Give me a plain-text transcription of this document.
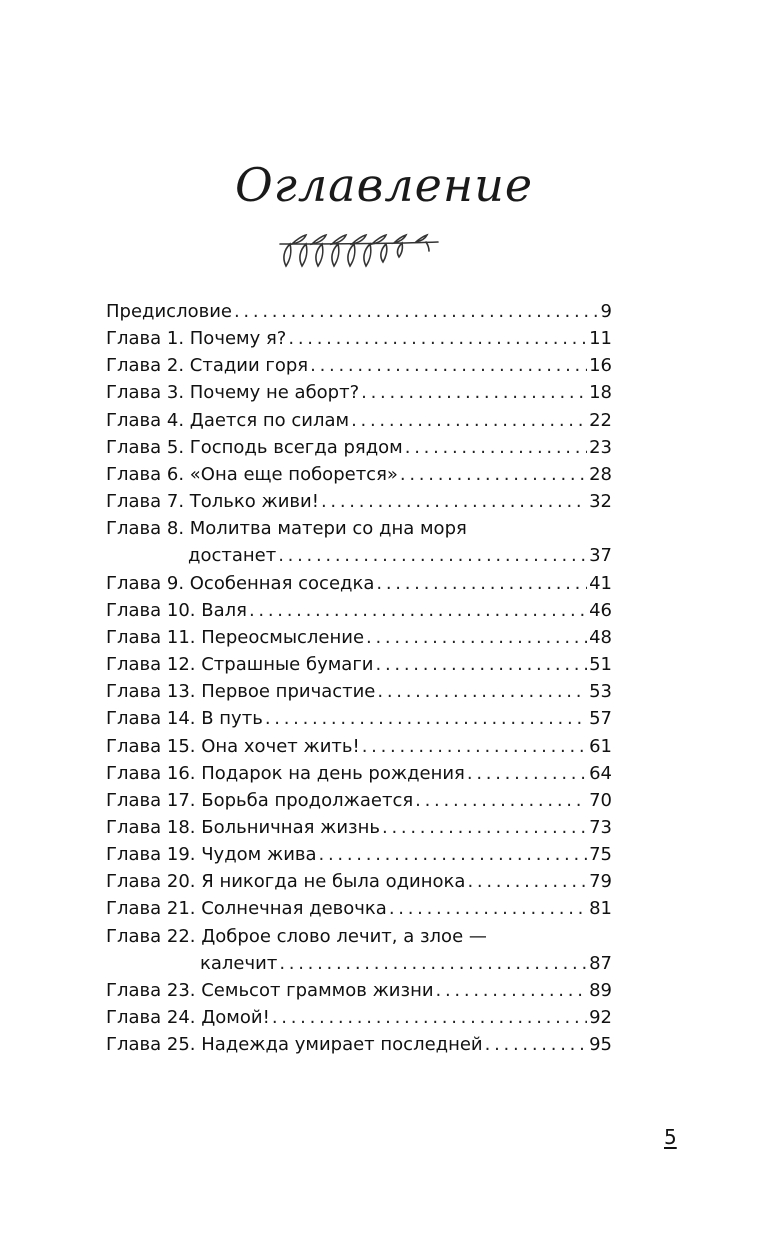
Оглавление
Предисловие . . .	9
Глава 1. Почему я? . . .	11
Глава 2. Стадии горя . . .	16
Глава 3. Почему не аборт? . . .	18
Глава 4. Дается по силам . . .	22
Глава 5. Господь всегда рядом . . .	23
Глава 6. «Она еще поборется» . . .	28
Глава 7. Только живи! . . .	32
Глава 8. Молитва матери со дна моря
достанет . . .	37
Глава 9. Особенная соседка . . .	41
Глава 10. Валя . . .	46
Глава 11. Переосмысление . . .	48
Глава 12. Страшные бумаги . . .	51
Глава 13. Первое причастие . . .	53
Глава 14. В путь . . .	57
Глава 15. Она хочет жить! . . .	61
Глава 16. Подарок на день рождения . . .	64
Глава 17. Борьба продолжается . . .	70
Глава 18. Больничная жизнь . . .	73
Глава 19. Чудом жива . . .	75
Глава 20. Я никогда не была одинока . . .	79
Глава 21. Солнечная девочка . . .	81
Глава 22. Доброе слово лечит, а злое —
калечит . . .	87
Глава 23. Семьсот граммов жизни . . .	89
Глава 24. Домой! . . .	92
Глава 25. Надежда умирает последней . . .	95
5
